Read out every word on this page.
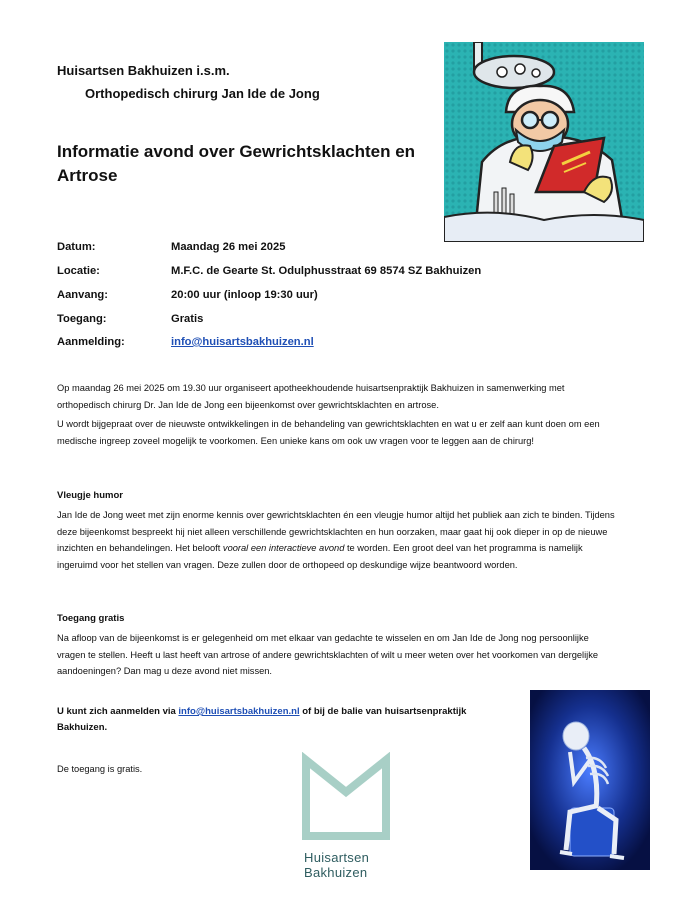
Huisartsen Bakhuizen i.s.m.
Orthopedisch chirurg Jan Ide de Jong
Informatie avond over Gewrichtsklachten en Artrose
Datum:	Maandag 26 mei 2025
Locatie:	M.F.C. de Gearte St. Odulphusstraat 69 8574 SZ Bakhuizen
Aanvang:	20:00 uur (inloop 19:30 uur)
Toegang:	Gratis
Aanmelding:	info@huisartsbakhuizen.nl
Op maandag 26 mei 2025 om 19.30 uur organiseert apotheekhoudende huisartsenpraktijk Bakhuizen in samenwerking met orthopedisch chirurg Dr. Jan Ide de Jong een bijeenkomst over gewrichtsklachten en artrose.
U wordt bijgepraat over de nieuwste ontwikkelingen in de behandeling van gewrichtsklachten en wat u er zelf aan kunt doen om een medische ingreep zoveel mogelijk te voorkomen. Een unieke kans om ook uw vragen voor te leggen aan de chirurg!
Vleugje humor
Jan Ide de Jong weet met zijn enorme kennis over gewrichtsklachten én een vleugje humor altijd het publiek aan zich te binden. Tijdens deze bijeenkomst bespreekt hij niet alleen verschillende gewrichtsklachten en hun oorzaken, maar gaat hij ook dieper in op de nieuwe inzichten en behandelingen. Het belooft vooral een interactieve avond te worden. Een groot deel van het programma is namelijk ingeruimd voor het stellen van vragen. Deze zullen door de orthopeed op deskundige wijze beantwoord worden.
Toegang gratis
Na afloop van de bijeenkomst is er gelegenheid om met elkaar van gedachte te wisselen en om Jan Ide de Jong nog persoonlijke vragen te stellen. Heeft u last heeft van artrose of andere gewrichtsklachten of wilt u meer weten over het voorkomen van dergelijke aandoeningen? Dan mag u deze avond niet missen.
U kunt zich aanmelden via info@huisartsbakhuizen.nl of bij de balie van huisartsenpraktijk Bakhuizen.
De toegang is gratis.
Huisartsen
Bakhuizen
